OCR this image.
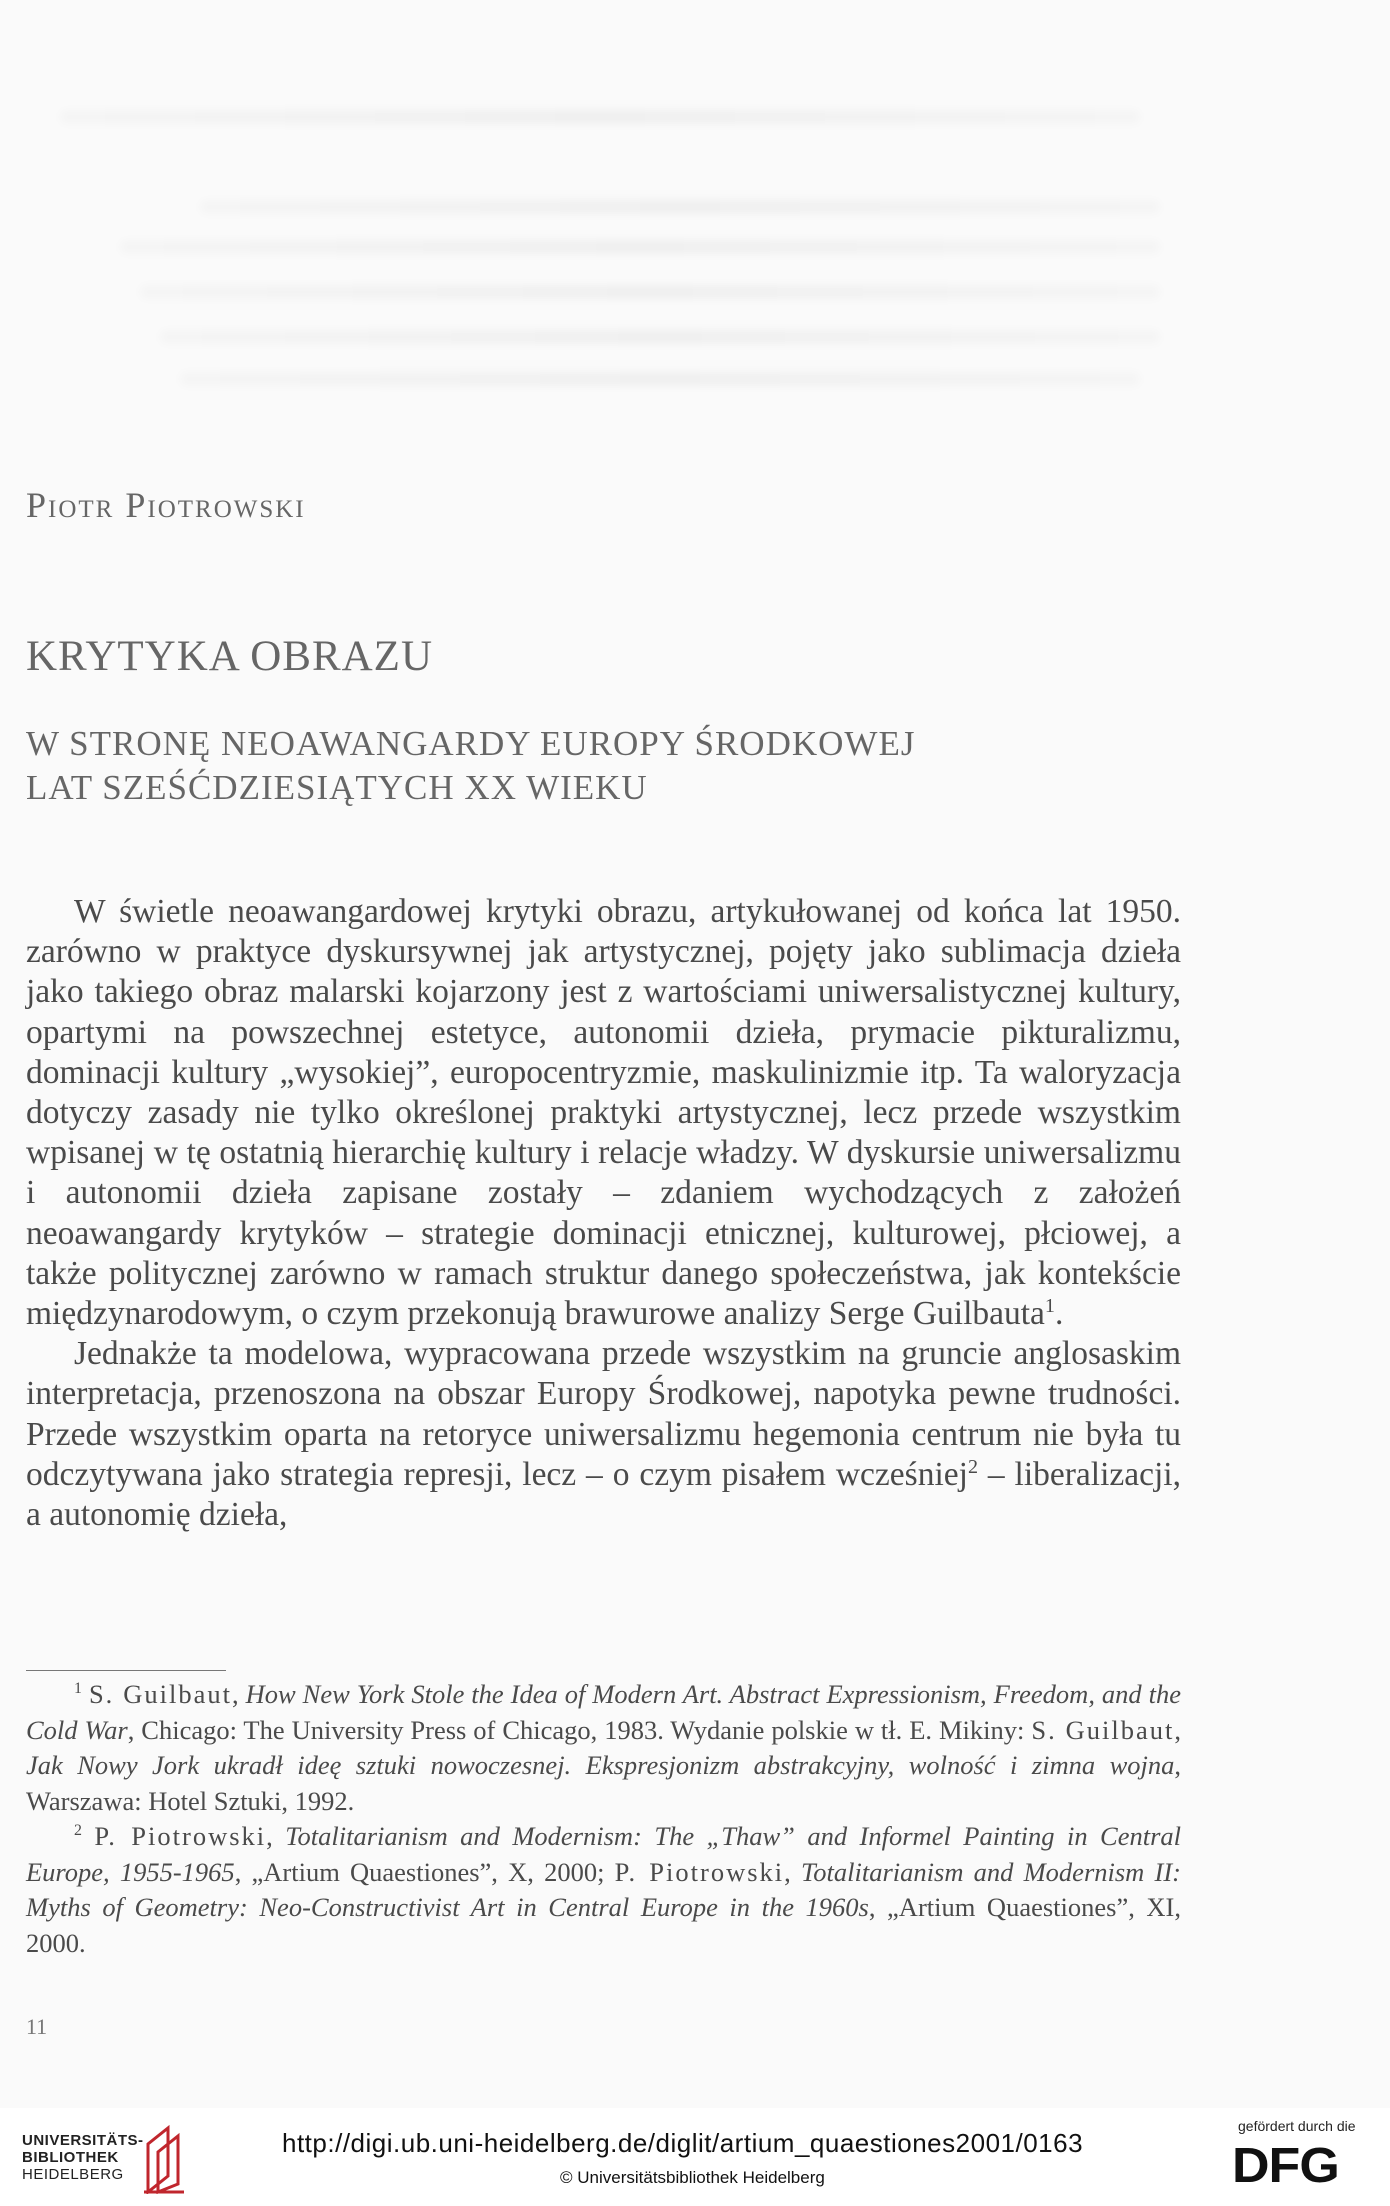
Piotr Piotrowski
KRYTYKA OBRAZU
W STRONĘ NEOAWANGARDY EUROPY ŚRODKOWEJ
LAT SZEŚĆDZIESIĄTYCH XX WIEKU

W świetle neoawangardowej krytyki obrazu, artykułowanej od końca lat 1950. zarówno w praktyce dyskursywnej jak artystycznej, pojęty jako sublimacja dzieła jako takiego obraz malarski kojarzony jest z wartościami uniwersalistycznej kultury, opartymi na powszechnej estetyce, autonomii dzieła, prymacie pikturalizmu, dominacji kultury „wysokiej”, europocentryzmie, maskulinizmie itp. Ta waloryzacja dotyczy zasady nie tylko określonej praktyki artystycznej, lecz przede wszystkim wpisanej w tę ostatnią hierarchię kultury i relacje władzy. W dyskursie uniwersalizmu i autonomii dzieła zapisane zostały – zdaniem wychodzących z założeń neoawangardy krytyków – strategie dominacji etnicznej, kulturowej, płciowej, a także politycznej zarówno w ramach struktur danego społeczeństwa, jak kontekście międzynarodowym, o czym przekonują brawurowe analizy Serge Guilbauta$^1$.

Jednakże ta modelowa, wypracowana przede wszystkim na gruncie anglosaskim interpretacja, przenoszona na obszar Europy Środkowej, napotyka pewne trudności. Przede wszystkim oparta na retoryce uniwersalizmu hegemonia centrum nie była tu odczytywana jako strategia represji, lecz – o czym pisałem wcześniej$^2$ – liberalizacji, a autonomię dzieła,

$^1$ S. Guilbaut, How New York Stole the Idea of Modern Art. Abstract Expressionism, Freedom, and the Cold War, Chicago: The University Press of Chicago, 1983. Wydanie polskie w tł. E. Mikiny: S. Guilbaut, Jak Nowy Jork ukradł ideę sztuki nowoczesnej. Ekspresjonizm abstrakcyjny, wolność i zimna wojna, Warszawa: Hotel Sztuki, 1992.

$^2$ P. Piotrowski, Totalitarianism and Modernism: The „Thaw” and Informel Painting in Central Europe, 1955-1965, „Artium Quaestiones”, X, 2000; P. Piotrowski, Totalitarianism and Modernism II: Myths of Geometry: Neo-Constructivist Art in Central Europe in the 1960s, „Artium Quaestiones”, XI, 2000.

11
UNIVERSITÄTS-
BIBLIOTHEK
HEIDELBERG
http://digi.ub.uni-heidelberg.de/diglit/artium_quaestiones2001/0163
© Universitätsbibliothek Heidelberg
gefördert durch die
DFG
